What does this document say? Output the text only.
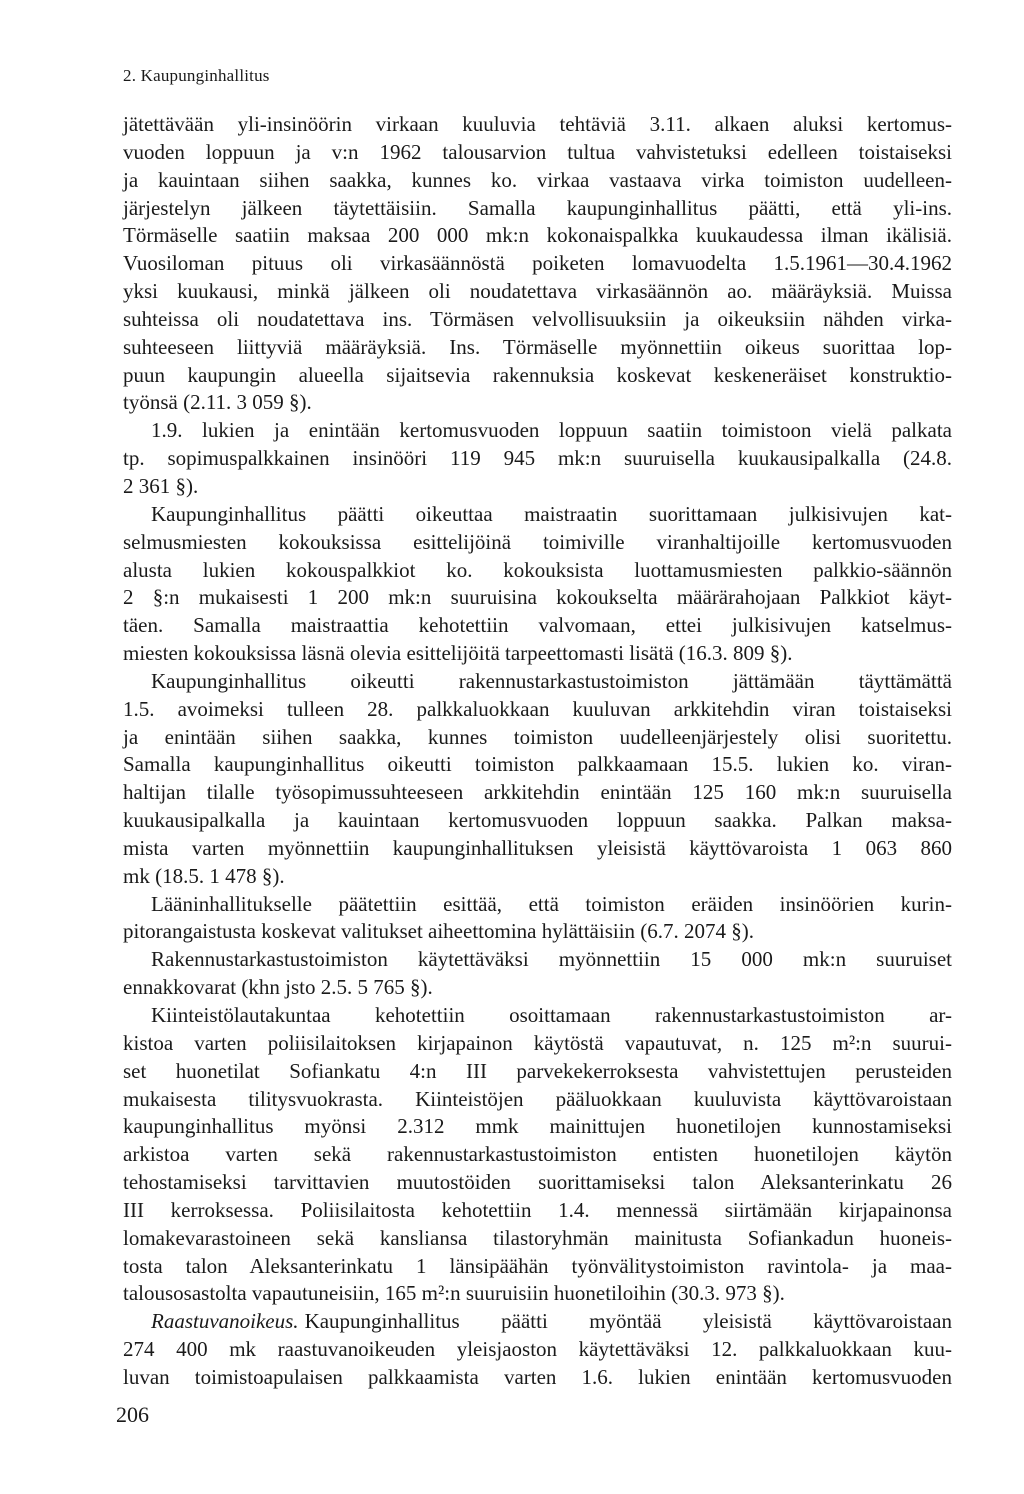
2. Kaupunginhallitus
jätettävään yli-insinöörin virkaan kuuluvia tehtäviä 3.11. alkaen aluksi kertomus-
vuoden loppuun ja v:n 1962 talousarvion tultua vahvistetuksi edelleen toistaiseksi
ja kauintaan siihen saakka, kunnes ko. virkaa vastaava virka toimiston uudelleen-
järjestelyn jälkeen täytettäisiin. Samalla kaupunginhallitus päätti, että yli-ins.
Törmäselle saatiin maksaa 200 000 mk:n kokonaispalkka kuukaudessa ilman ikälisiä.
Vuosiloman pituus oli virkasäännöstä poiketen lomavuodelta 1.5.1961—30.4.1962
yksi kuukausi, minkä jälkeen oli noudatettava virkasäännön ao. määräyksiä. Muissa
suhteissa oli noudatettava ins. Törmäsen velvollisuuksiin ja oikeuksiin nähden virka-
suhteeseen liittyviä määräyksiä. Ins. Törmäselle myönnettiin oikeus suorittaa lop-
puun kaupungin alueella sijaitsevia rakennuksia koskevat keskeneräiset konstruktio-
työnsä (2.11. 3 059 §).
1.9. lukien ja enintään kertomusvuoden loppuun saatiin toimistoon vielä palkata
tp. sopimuspalkkainen insinööri 119 945 mk:n suuruisella kuukausipalkalla (24.8.
2 361 §).
Kaupunginhallitus päätti oikeuttaa maistraatin suorittamaan julkisivujen kat-
selmusmiesten kokouksissa esittelijöinä toimiville viranhaltijoille kertomusvuoden
alusta lukien kokouspalkkiot ko. kokouksista luottamusmiesten palkkio-säännön
2 §:n mukaisesti 1 200 mk:n suuruisina kokoukselta määrärahojaan Palkkiot käyt-
täen. Samalla maistraattia kehotettiin valvomaan, ettei julkisivujen katselmus-
miesten kokouksissa läsnä olevia esittelijöitä tarpeettomasti lisätä (16.3. 809 §).
Kaupunginhallitus oikeutti rakennustarkastustoimiston jättämään täyttämättä
1.5. avoimeksi tulleen 28. palkkaluokkaan kuuluvan arkkitehdin viran toistaiseksi
ja enintään siihen saakka, kunnes toimiston uudelleenjärjestely olisi suoritettu.
Samalla kaupunginhallitus oikeutti toimiston palkkaamaan 15.5. lukien ko. viran-
haltijan tilalle työsopimussuhteeseen arkkitehdin enintään 125 160 mk:n suuruisella
kuukausipalkalla ja kauintaan kertomusvuoden loppuun saakka. Palkan maksa-
mista varten myönnettiin kaupunginhallituksen yleisistä käyttövaroista 1 063 860
mk (18.5. 1 478 §).
Lääninhallitukselle päätettiin esittää, että toimiston eräiden insinöörien kurin-
pitorangaistusta koskevat valitukset aiheettomina hylättäisiin (6.7. 2074 §).
Rakennustarkastustoimiston käytettäväksi myönnettiin 15 000 mk:n suuruiset
ennakkovarat (khn jsto 2.5. 5 765 §).
Kiinteistölautakuntaa kehotettiin osoittamaan rakennustarkastustoimiston ar-
kistoa varten poliisilaitoksen kirjapainon käytöstä vapautuvat, n. 125 m²:n suurui-
set huonetilat Sofiankatu 4:n III parvekekerroksesta vahvistettujen perusteiden
mukaisesta tilitysvuokrasta. Kiinteistöjen pääluokkaan kuuluvista käyttövaroistaan
kaupunginhallitus myönsi 2.312 mmk mainittujen huonetilojen kunnostamiseksi
arkistoa varten sekä rakennustarkastustoimiston entisten huonetilojen käytön
tehostamiseksi tarvittavien muutostöiden suorittamiseksi talon Aleksanterinkatu 26
III kerroksessa. Poliisilaitosta kehotettiin 1.4. mennessä siirtämään kirjapainonsa
lomakevarastoineen sekä kansliansa tilastoryhmän mainitusta Sofiankadun huoneis-
tosta talon Aleksanterinkatu 1 länsipäähän työnvälitystoimiston ravintola- ja maa-
talousosastolta vapautuneisiin, 165 m²:n suuruisiin huonetiloihin (30.3. 973 §).
Raastuvanoikeus. Kaupunginhallitus päätti myöntää yleisistä käyttövaroistaan
274 400 mk raastuvanoikeuden yleisjaoston käytettäväksi 12. palkkaluokkaan kuu-
luvan toimistoapulaisen palkkaamista varten 1.6. lukien enintään kertomusvuoden
206
